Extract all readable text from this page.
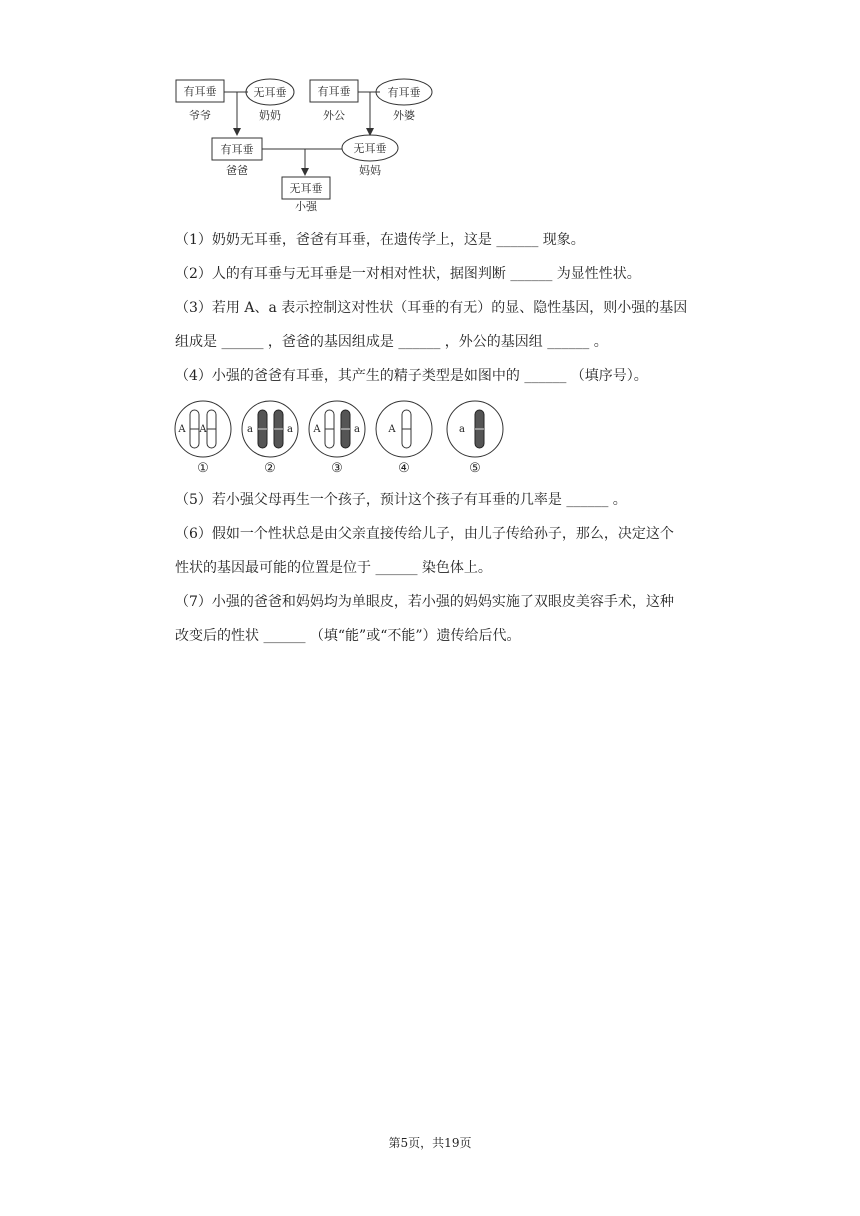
有耳垂
爷爷
无耳垂
奶奶
有耳垂
外公
有耳垂
外婆
有耳垂
爸爸
无耳垂
妈妈
无耳垂
小强
（1）奶奶无耳垂，爸爸有耳垂，在遗传学上，这是 ______ 现象。
（2）人的有耳垂与无耳垂是一对相对性状，据图判断 ______ 为显性性状。
（3）若用 A、a 表示控制这对性状（耳垂的有无）的显、隐性基因，则小强的基因
组成是 ______ ，爸爸的基因组成是 ______ ，外公的基因组 ______ 。
（4）小强的爸爸有耳垂，其产生的精子类型是如图中的 ______ （填序号）。
A A
①
a	a
②
A	a
③
A
④
a
⑤
（5）若小强父母再生一个孩子，预计这个孩子有耳垂的几率是 ______ 。
（6）假如一个性状总是由父亲直接传给儿子，由儿子传给孙子，那么，决定这个
性状的基因最可能的位置是位于 ______ 染色体上。
（7）小强的爸爸和妈妈均为单眼皮，若小强的妈妈实施了双眼皮美容手术，这种
改变后的性状 ______ （填“能”或“不能”）遗传给后代。
第5页，共19页
